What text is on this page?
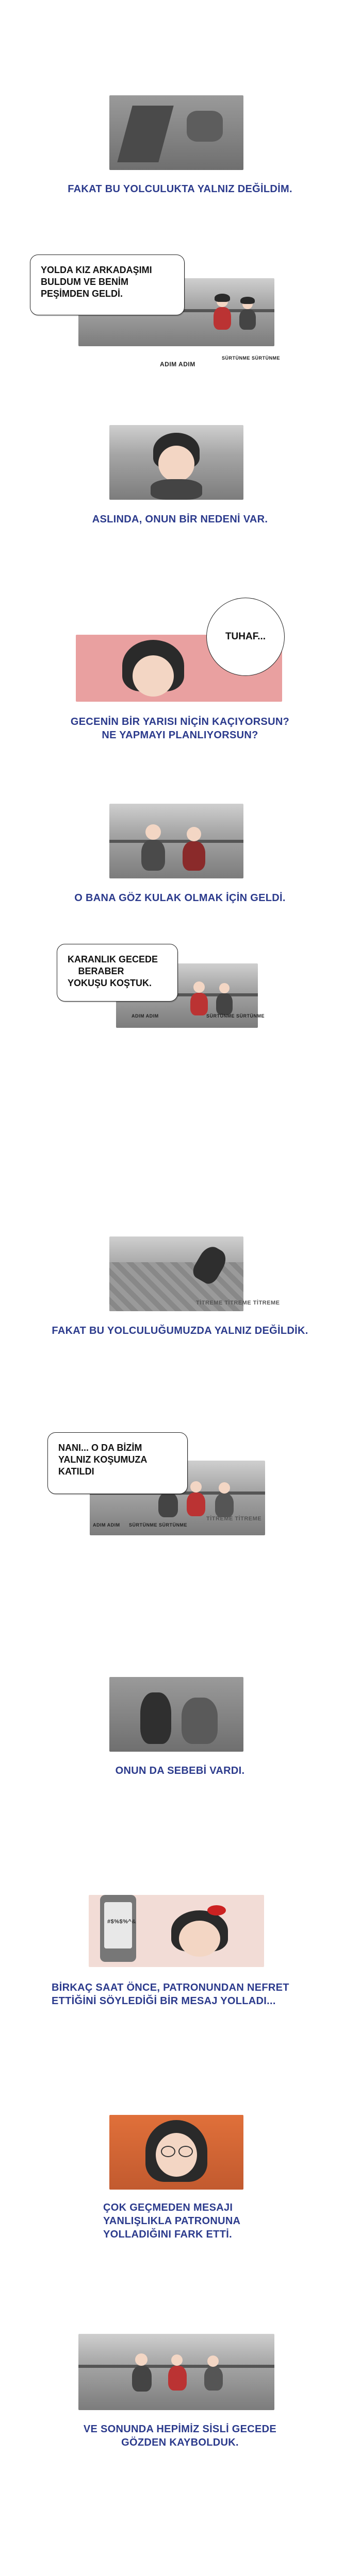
FAKAT BU YOLCULUKTA YALNIZ DEĞİLDİM.
YOLDA KIZ ARKADAŞIMI
BULDUM VE BENİM
PEŞİMDEN GELDİ.
SÜRTÜNME SÜRTÜNME
ADIM ADIM
ASLINDA, ONUN BİR NEDENİ VAR.
TUHAF...
GECENİN BİR YARISI NİÇİN KAÇIYORSUN?
NE YAPMAYI PLANLIYORSUN?
O BANA GÖZ KULAK OLMAK İÇİN GELDİ.
KARANLIK GECEDE
BERABER
YOKUŞU KOŞTUK.
ADIM ADIM	SÜRTÜNME SÜRTÜNME
TİTREME TİTREME TİTREME
FAKAT BU YOLCULUĞUMUZDA YALNIZ DEĞİLDİK.
NANI... O DA BİZİM
YALNIZ KOŞUMUZA
KATILDI
ADIM ADIM SÜRTÜNME SÜRTÜNME
TİTREME TİTREME
ONUN DA SEBEBİ VARDI.
#$%$%^&
BİRKAÇ SAAT ÖNCE, PATRONUNDAN NEFRET
ETTİĞİNİ SÖYLEDİĞİ BİR MESAJ YOLLADI...
ÇOK GEÇMEDEN MESAJI
YANLIŞLIKLA PATRONUNA
YOLLADIĞINI FARK ETTİ.
VE SONUNDA HEPİMİZ SİSLİ GECEDE
GÖZDEN KAYBOLDUK.
